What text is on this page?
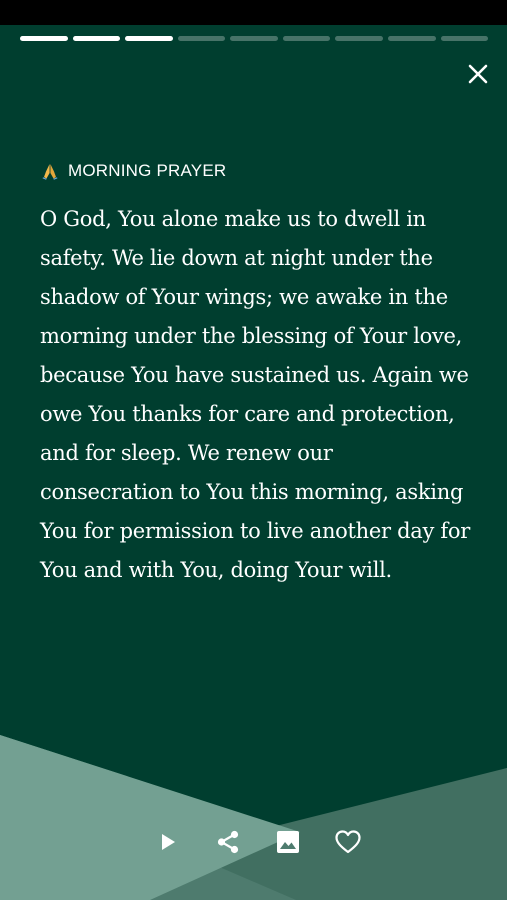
MORNING PRAYER

O God, You alone make us to dwell in safety. We lie down at night under the shadow of Your wings; we awake in the morning under the blessing of Your love, because You have sustained us. Again we owe You thanks for care and protection, and for sleep. We renew our consecration to You this morning, asking You for permission to live another day for You and with You, doing Your will.
